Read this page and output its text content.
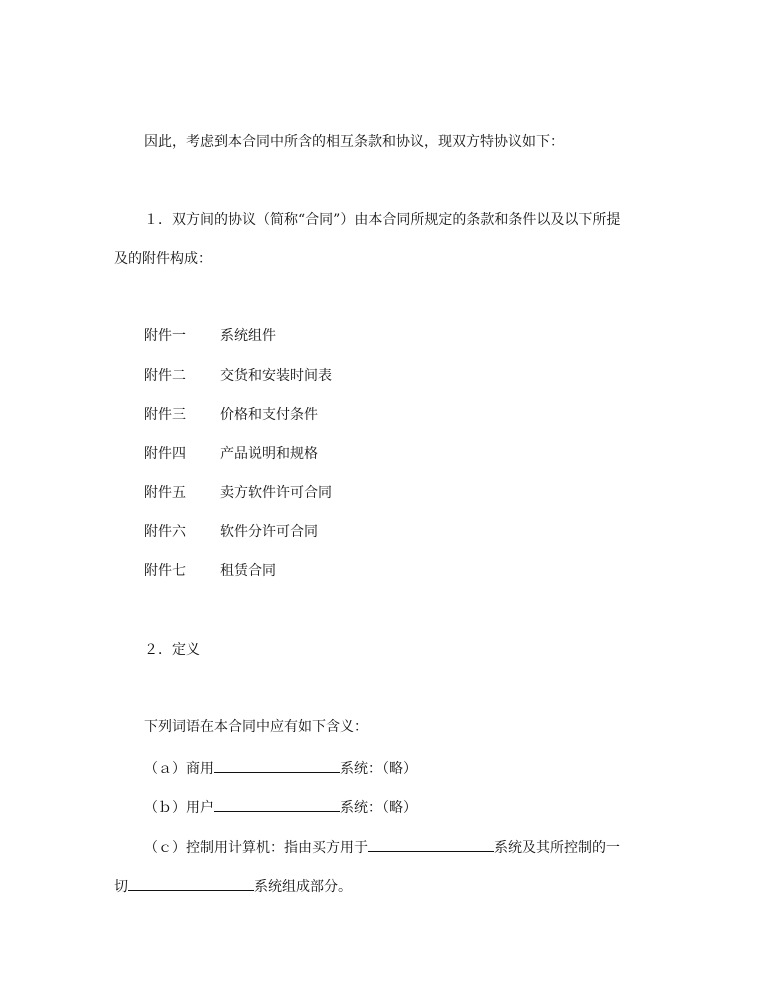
因此，考虑到本合同中所含的相互条款和协议，现双方特协议如下：
１．双方间的协议（简称“合同”）由本合同所规定的条款和条件以及以下所提
及的附件构成：
附件一 系统组件
附件二 交货和安装时间表
附件三 价格和支付条件
附件四 产品说明和规格
附件五 卖方软件许可合同
附件六 软件分许可合同
附件七 租赁合同
２．定义
下列词语在本合同中应有如下含义：
（ａ）商用	系统：（略）
（ｂ）用户	系统：（略）
（ｃ）控制用计算机：指由买方用于	系统及其所控制的一
切	系统组成部分。
